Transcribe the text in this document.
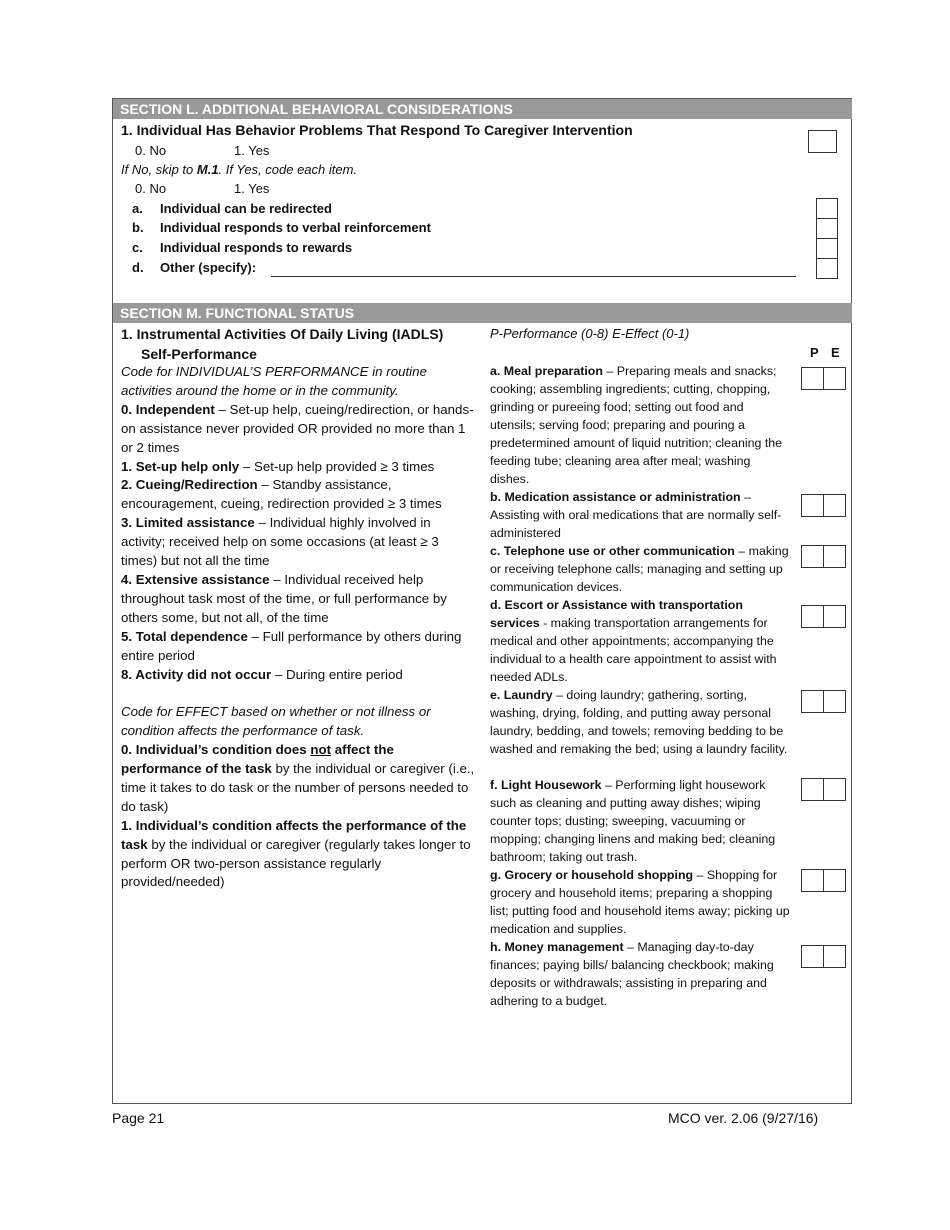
SECTION L. ADDITIONAL BEHAVIORAL CONSIDERATIONS
1. Individual Has Behavior Problems That Respond To Caregiver Intervention
0. No	1. Yes
If No, skip to M.1. If Yes, code each item.
0. No	1. Yes
a. Individual can be redirected
b. Individual responds to verbal reinforcement
c. Individual responds to rewards
d. Other (specify):
SECTION M. FUNCTIONAL STATUS
1. Instrumental Activities Of Daily Living (IADLS)
Self-Performance
P-Performance (0-8) E-Effect (0-1)
P E

Code for INDIVIDUAL’S PERFORMANCE in routine activities around the home or in the community.

0. Independent – Set-up help, cueing/redirection, or hands-on assistance never provided OR provided no more than 1 or 2 times

1. Set-up help only – Set-up help provided ≥ 3 times

2. Cueing/Redirection – Standby assistance, encouragement, cueing, redirection provided ≥ 3 times

3. Limited assistance – Individual highly involved in activity; received help on some occasions (at least ≥ 3 times) but not all the time

4. Extensive assistance – Individual received help throughout task most of the time, or full performance by others some, but not all, of the time

5. Total dependence – Full performance by others during entire period

8. Activity did not occur – During entire period

Code for EFFECT based on whether or not illness or condition affects the performance of task.

0. Individual’s condition does not affect the performance of the task by the individual or caregiver (i.e., time it takes to do task or the number of persons needed to do task)

1. Individual’s condition affects the performance of the task by the individual or caregiver (regularly takes longer to perform OR two-person assistance regularly provided/needed)

a. Meal preparation – Preparing meals and snacks; cooking; assembling ingredients; cutting, chopping, grinding or pureeing food; setting out food and utensils; serving food; preparing and pouring a predetermined amount of liquid nutrition; cleaning the feeding tube; cleaning area after meal; washing dishes.

b. Medication assistance or administration – Assisting with oral medications that are normally self-administered

c. Telephone use or other communication – making or receiving telephone calls; managing and setting up communication devices.

d. Escort or Assistance with transportation services - making transportation arrangements for medical and other appointments; accompanying the individual to a health care appointment to assist with needed ADLs.

e. Laundry – doing laundry; gathering, sorting, washing, drying, folding, and putting away personal laundry, bedding, and towels; removing bedding to be washed and remaking the bed; using a laundry facility.

f. Light Housework – Performing light housework such as cleaning and putting away dishes; wiping counter tops; dusting; sweeping, vacuuming or mopping; changing linens and making bed; cleaning bathroom; taking out trash.

g. Grocery or household shopping – Shopping for grocery and household items; preparing a shopping list; putting food and household items away; picking up medication and supplies.

h. Money management – Managing day-to-day finances; paying bills/ balancing checkbook; making deposits or withdrawals; assisting in preparing and adhering to a budget.

Page 21	MCO ver. 2.06 (9/27/16)
